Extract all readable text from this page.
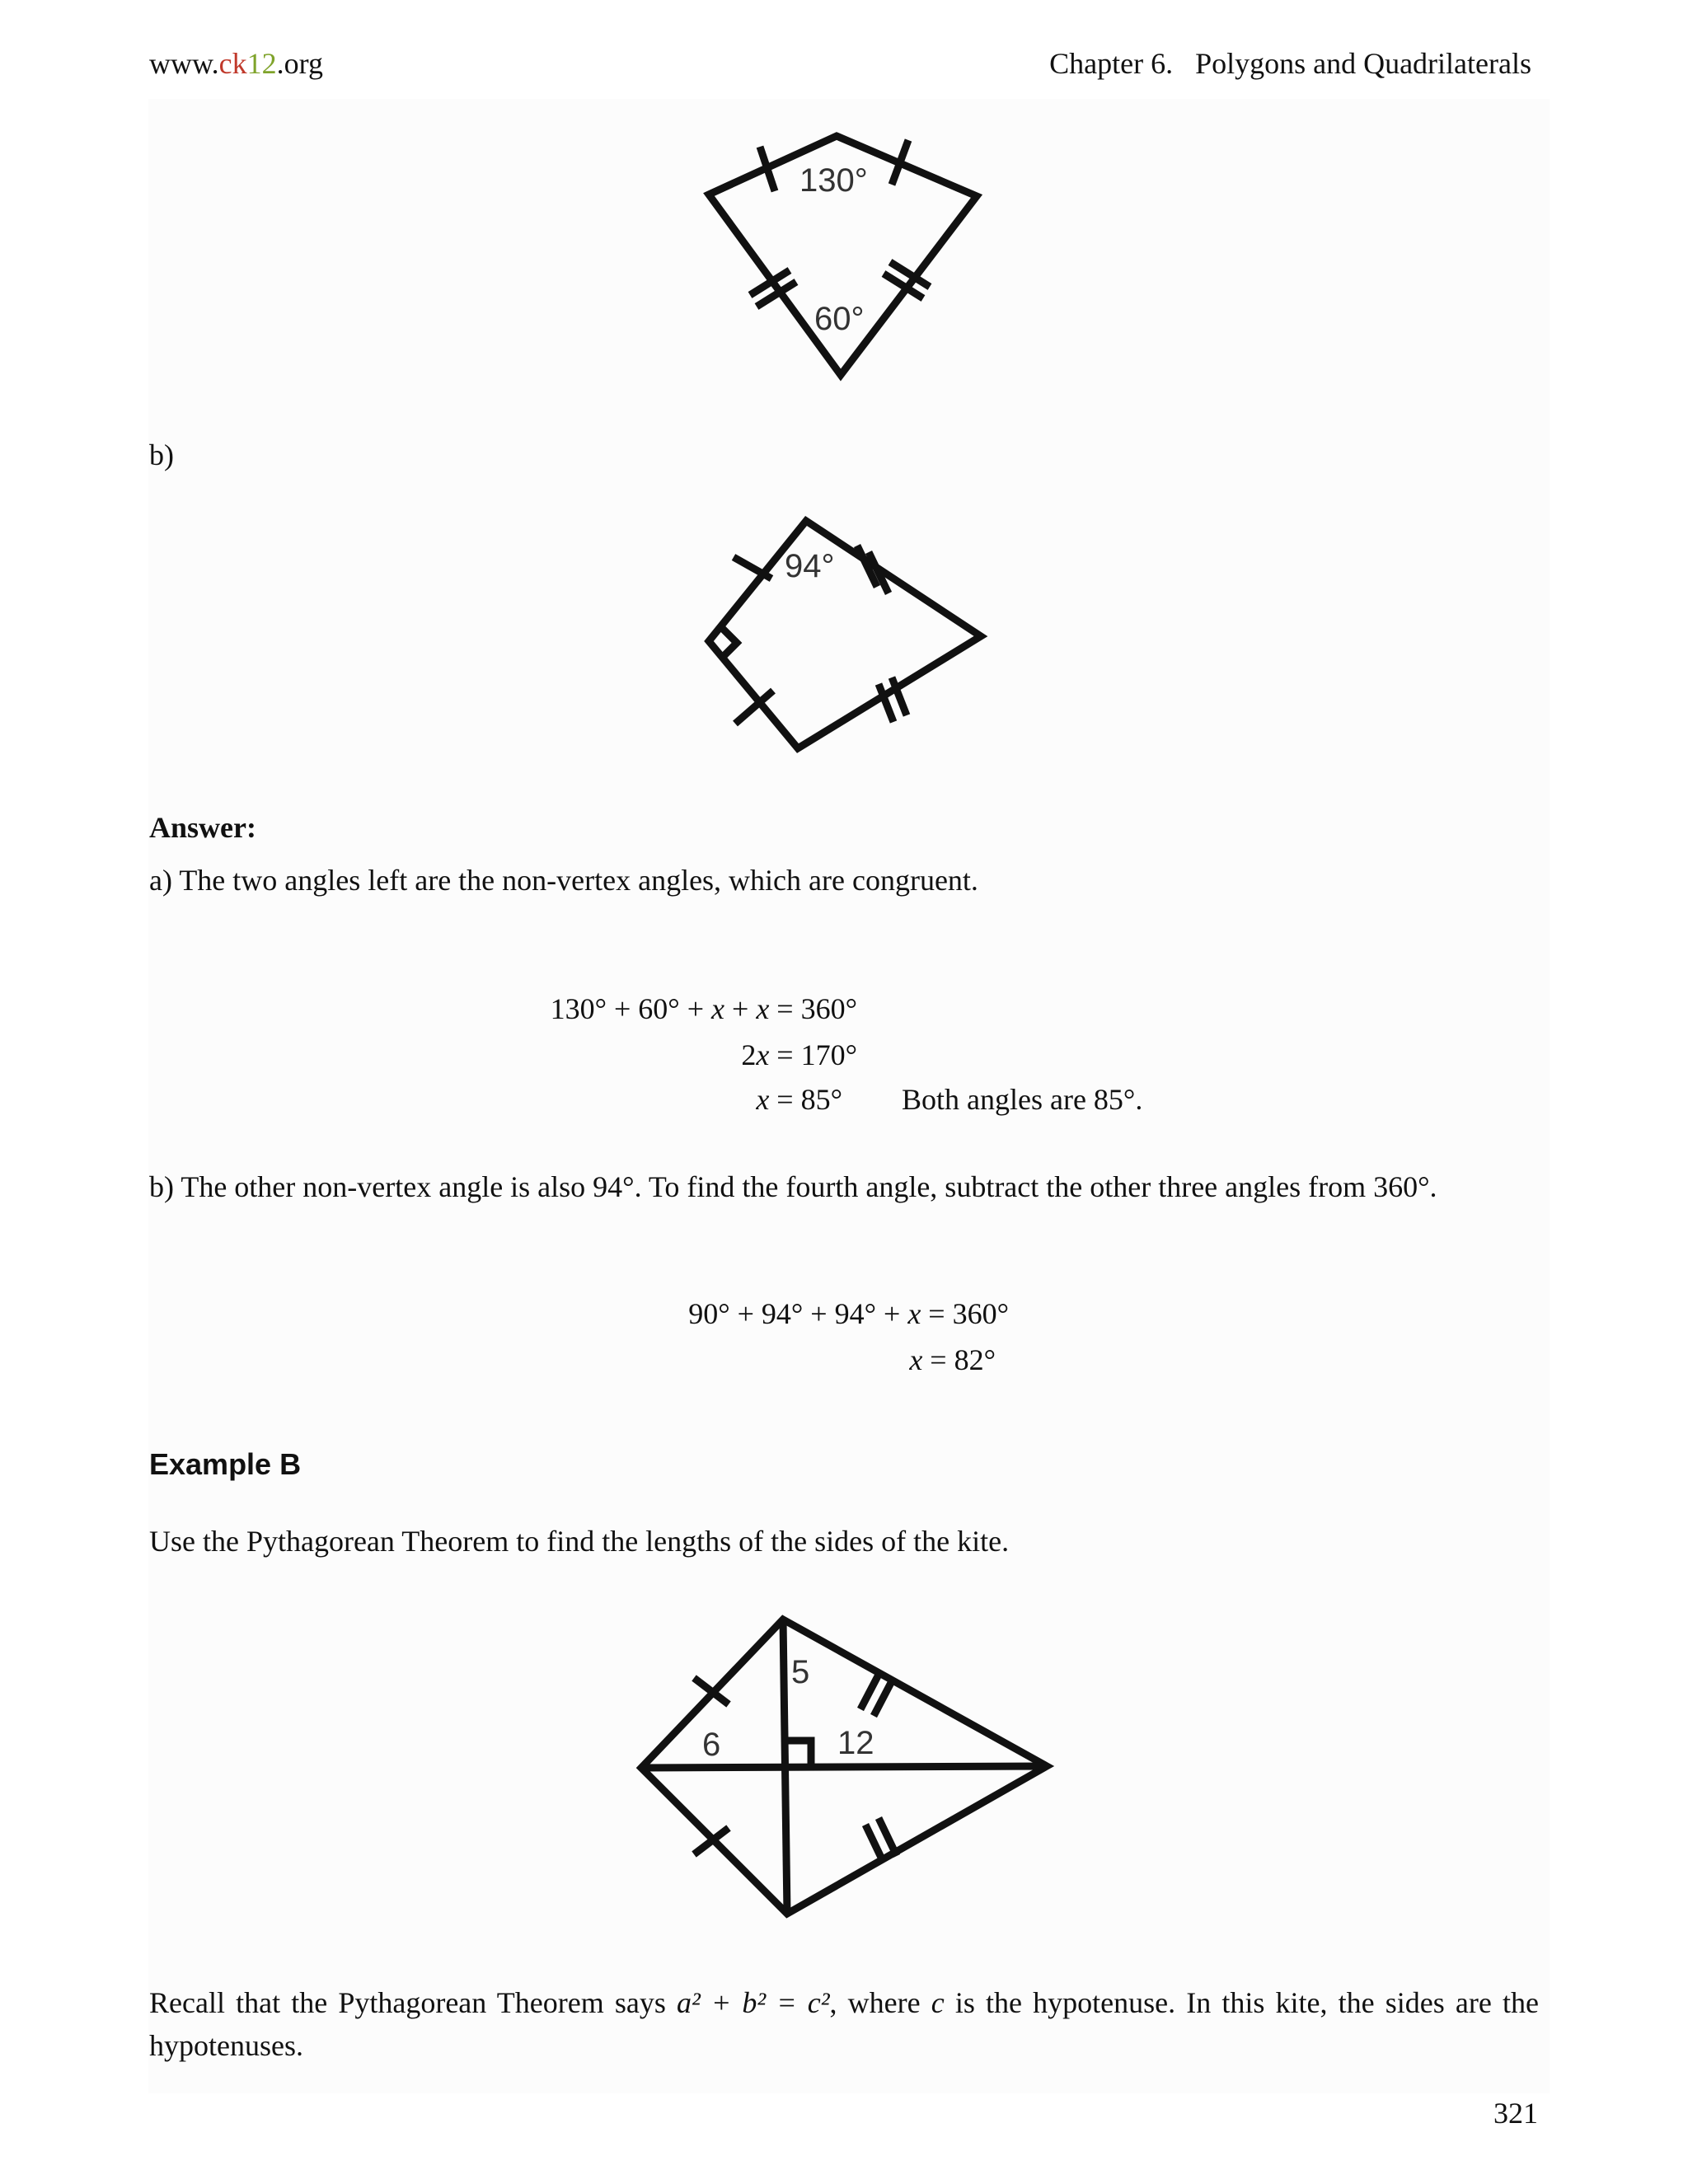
www.ck12.org	Chapter 6.   Polygons and Quadrilaterals
130°
60°
b)
94°
Answer:
a) The two angles left are the non-vertex angles, which are congruent.
130° + 60° + x + x = 360°
2x = 170°
x = 85° Both angles are 85°.
b) The other non-vertex angle is also 94°. To find the fourth angle, subtract the other three angles from 360°.
90° + 94° + 94° + x = 360°
x = 82°
Example B
Use the Pythagorean Theorem to find the lengths of the sides of the kite.
5
6	12
Recall that the Pythagorean Theorem says a² + b² = c², where c is the hypotenuse. In this kite, the sides are the hypotenuses.
321
